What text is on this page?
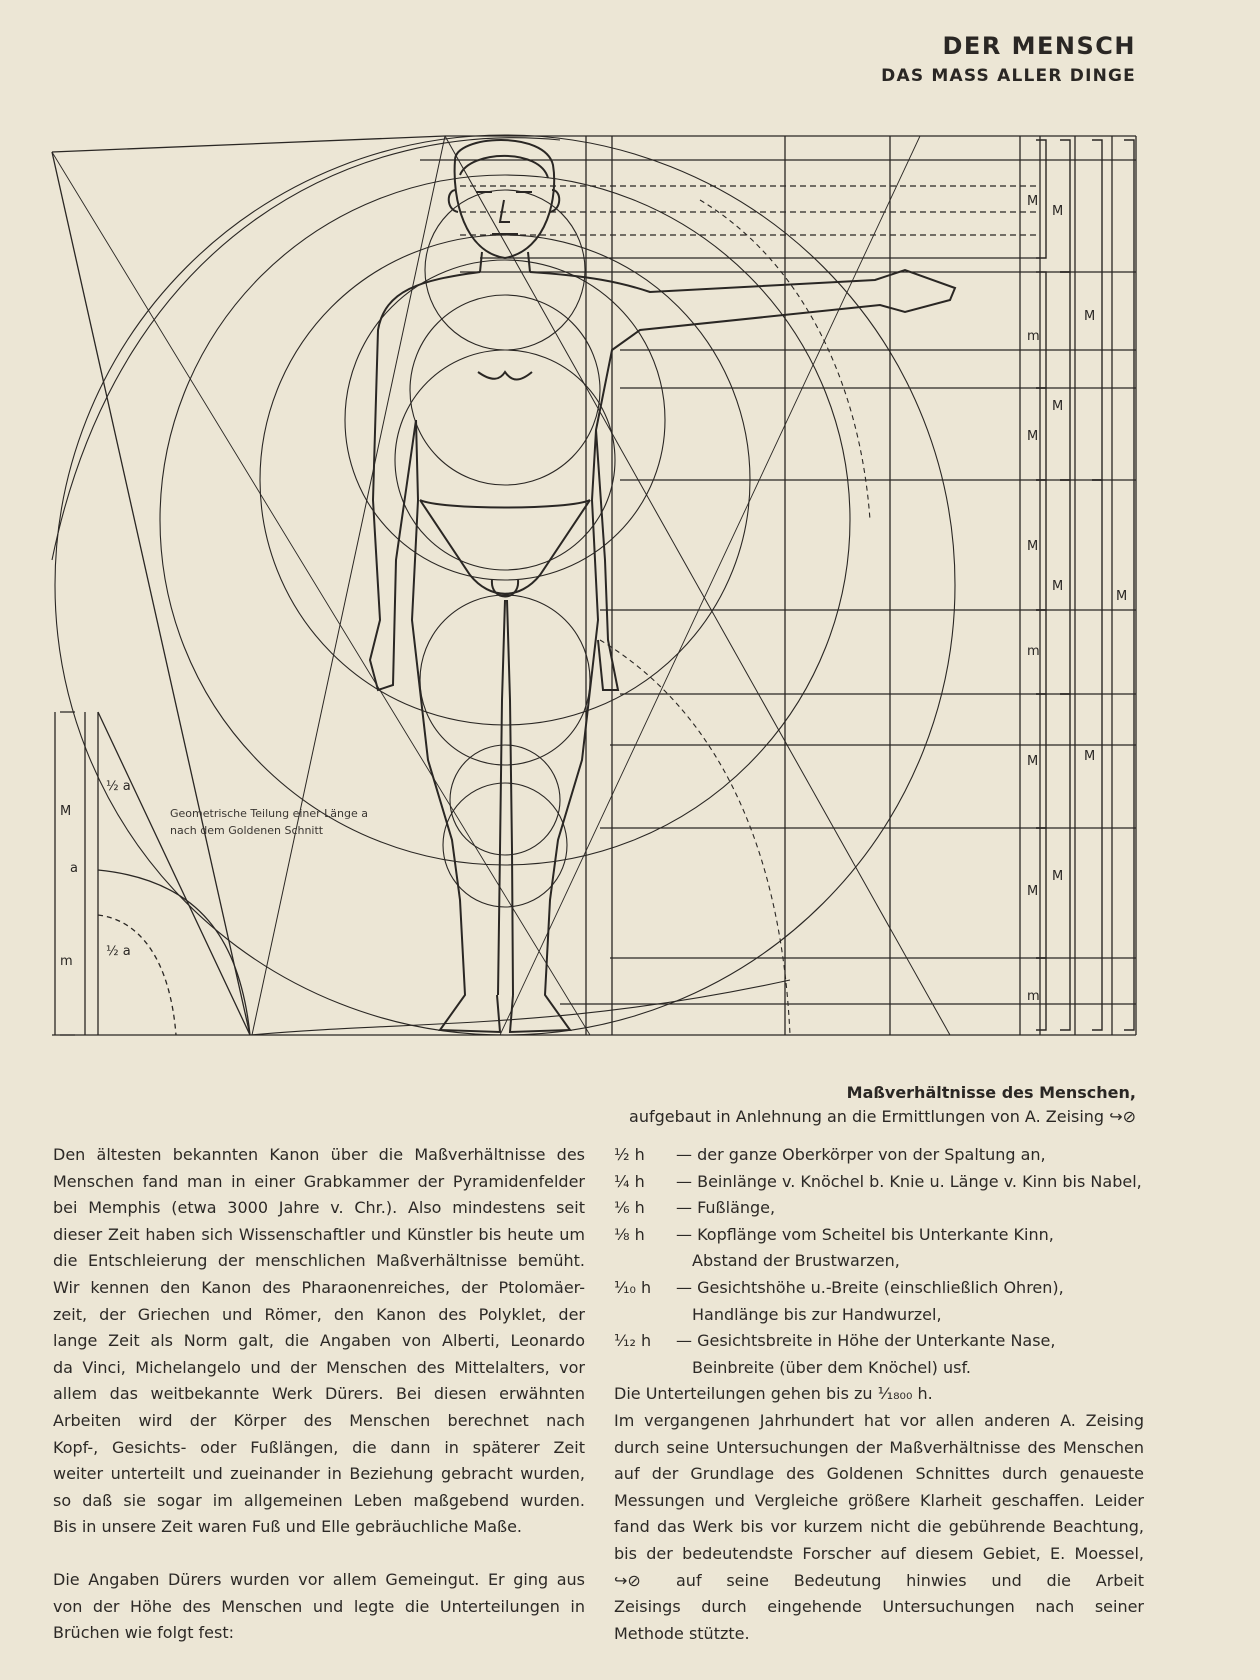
DER MENSCH
DAS MASS ALLER DINGE
M
M
M
M
m
M
M
M
M
m
M
M
M
M
m
M
a
m
½ a
½ a
Geometrische Teilung einer Länge a nach dem Goldenen Schnitt
Maßverhältnisse des Menschen,
aufgebaut in Anlehnung an die Ermittlungen von A. Zeising ↪⊘
Den ältesten bekannten Kanon über die Maßverhältnisse des
Menschen fand man in einer Grabkammer der Pyramidenfelder
bei Memphis (etwa 3000 Jahre v. Chr.). Also mindestens seit
dieser Zeit haben sich Wissenschaftler und Künstler bis heute um
die Entschleierung der menschlichen Maßverhältnisse bemüht.
Wir kennen den Kanon des Pharaonenreiches, der Ptolomäer-
zeit, der Griechen und Römer, den Kanon des Polyklet, der
lange Zeit als Norm galt, die Angaben von Alberti, Leonardo
da Vinci, Michelangelo und der Menschen des Mittelalters, vor
allem das weitbekannte Werk Dürers. Bei diesen erwähnten
Arbeiten wird der Körper des Menschen berechnet nach
Kopf-, Gesichts- oder Fußlängen, die dann in späterer Zeit
weiter unterteilt und zueinander in Beziehung gebracht wurden,
so daß sie sogar im allgemeinen Leben maßgebend wurden.
Bis in unsere Zeit waren Fuß und Elle gebräuchliche Maße.
Die Angaben Dürers wurden vor allem Gemeingut. Er ging aus
von der Höhe des Menschen und legte die Unterteilungen in
Brüchen wie folgt fest:
½ h	— der ganze Oberkörper von der Spaltung an,
¼ h	— Beinlänge v. Knöchel b. Knie u. Länge v. Kinn bis Nabel,
⅙ h	— Fußlänge,
⅛ h	— Kopflänge vom Scheitel bis Unterkante Kinn,
Abstand der Brustwarzen,
¹⁄₁₀ h	— Gesichtshöhe u.-Breite (einschließlich Ohren),
Handlänge bis zur Handwurzel,
¹⁄₁₂ h	— Gesichtsbreite in Höhe der Unterkante Nase,
Beinbreite (über dem Knöchel) usf.
Die Unterteilungen gehen bis zu ¹⁄₁₈₀₀ h.
Im vergangenen Jahrhundert hat vor allen anderen A. Zeising
durch seine Untersuchungen der Maßverhältnisse des Menschen
auf der Grundlage des Goldenen Schnittes durch genaueste
Messungen und Vergleiche größere Klarheit geschaffen. Leider
fand das Werk bis vor kurzem nicht die gebührende Beachtung,
bis der bedeutendste Forscher auf diesem Gebiet, E. Moessel,
↪⊘	auf seine Bedeutung hinwies und die Arbeit
Zeisings durch eingehende Untersuchungen nach seiner
Methode stützte.
